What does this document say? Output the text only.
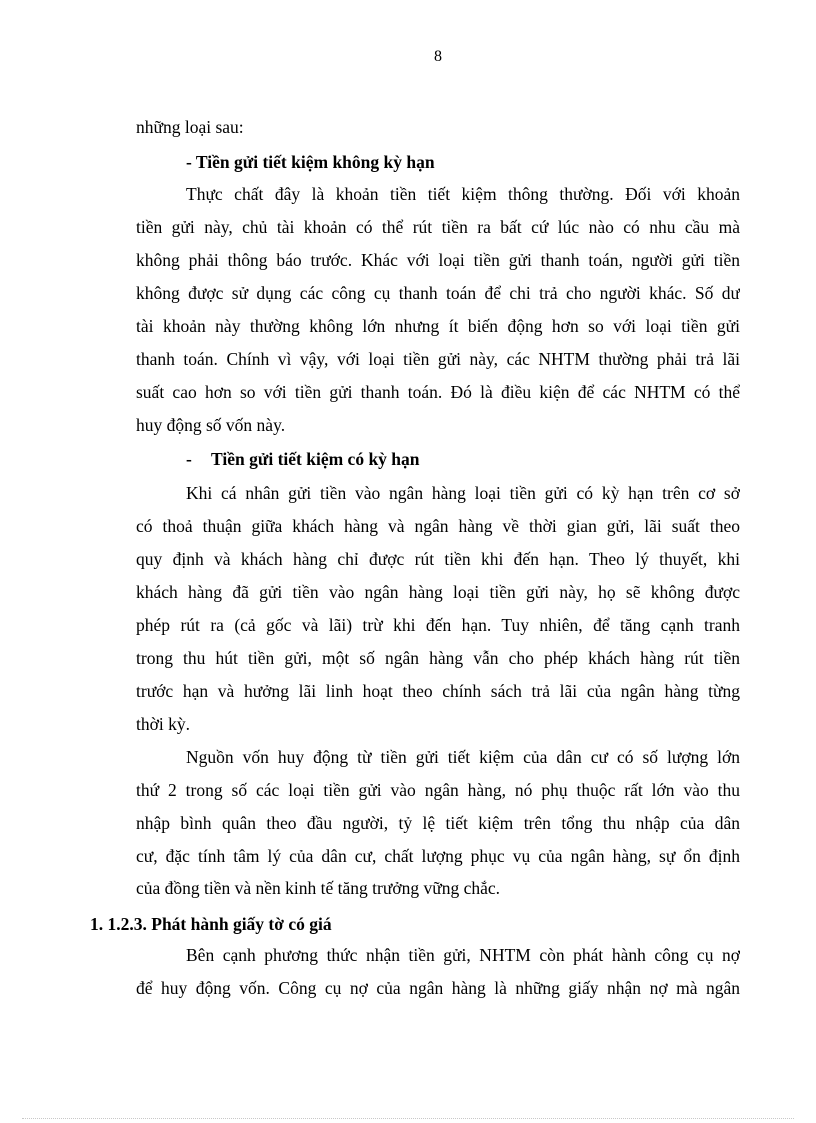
8
những loại sau:
- Tiền gửi tiết kiệm không kỳ hạn
Thực chất đây là khoản tiền tiết kiệm thông thường. Đối với khoản
tiền gửi này, chủ tài khoản có thể rút tiền ra bất cứ lúc nào có nhu cầu mà
không phải thông báo trước. Khác với loại tiền gửi thanh toán, người gửi tiền
không được sử dụng các công cụ thanh toán để chi trả cho người khác. Số dư
tài khoản này thường không lớn nhưng ít biến động hơn so với loại tiền gửi
thanh toán. Chính vì vậy, với loại tiền gửi này, các NHTM thường phải trả lãi
suất cao hơn so với tiền gửi thanh toán. Đó là điều kiện để các NHTM có thể
huy động số vốn này.
- Tiền gửi tiết kiệm có kỳ hạn
Khi cá nhân gửi tiền vào ngân hàng loại tiền gửi có kỳ hạn trên cơ sở
có thoả thuận giữa khách hàng và ngân hàng về thời gian gửi, lãi suất theo
quy định và khách hàng chỉ được rút tiền khi đến hạn. Theo lý thuyết, khi
khách hàng đã gửi tiền vào ngân hàng loại tiền gửi này, họ sẽ không được
phép rút ra (cả gốc và lãi) trừ khi đến hạn. Tuy nhiên, để tăng cạnh tranh
trong thu hút tiền gửi, một số ngân hàng vẫn cho phép khách hàng rút tiền
trước hạn và hưởng lãi linh hoạt theo chính sách trả lãi của ngân hàng từng
thời kỳ.
Nguồn vốn huy động từ tiền gửi tiết kiệm của dân cư có số lượng lớn
thứ 2 trong số các loại tiền gửi vào ngân hàng, nó phụ thuộc rất lớn vào thu
nhập bình quân theo đầu người, tỷ lệ tiết kiệm trên tổng thu nhập của dân
cư, đặc tính tâm lý của dân cư, chất lượng phục vụ của ngân hàng, sự ổn định
của đồng tiền và nền kinh tế tăng trưởng vững chắc.
1. 1.2.3. Phát hành giấy tờ có giá
Bên cạnh phương thức nhận tiền gửi, NHTM còn phát hành công cụ nợ
để huy động vốn. Công cụ nợ của ngân hàng là những giấy nhận nợ mà ngân
